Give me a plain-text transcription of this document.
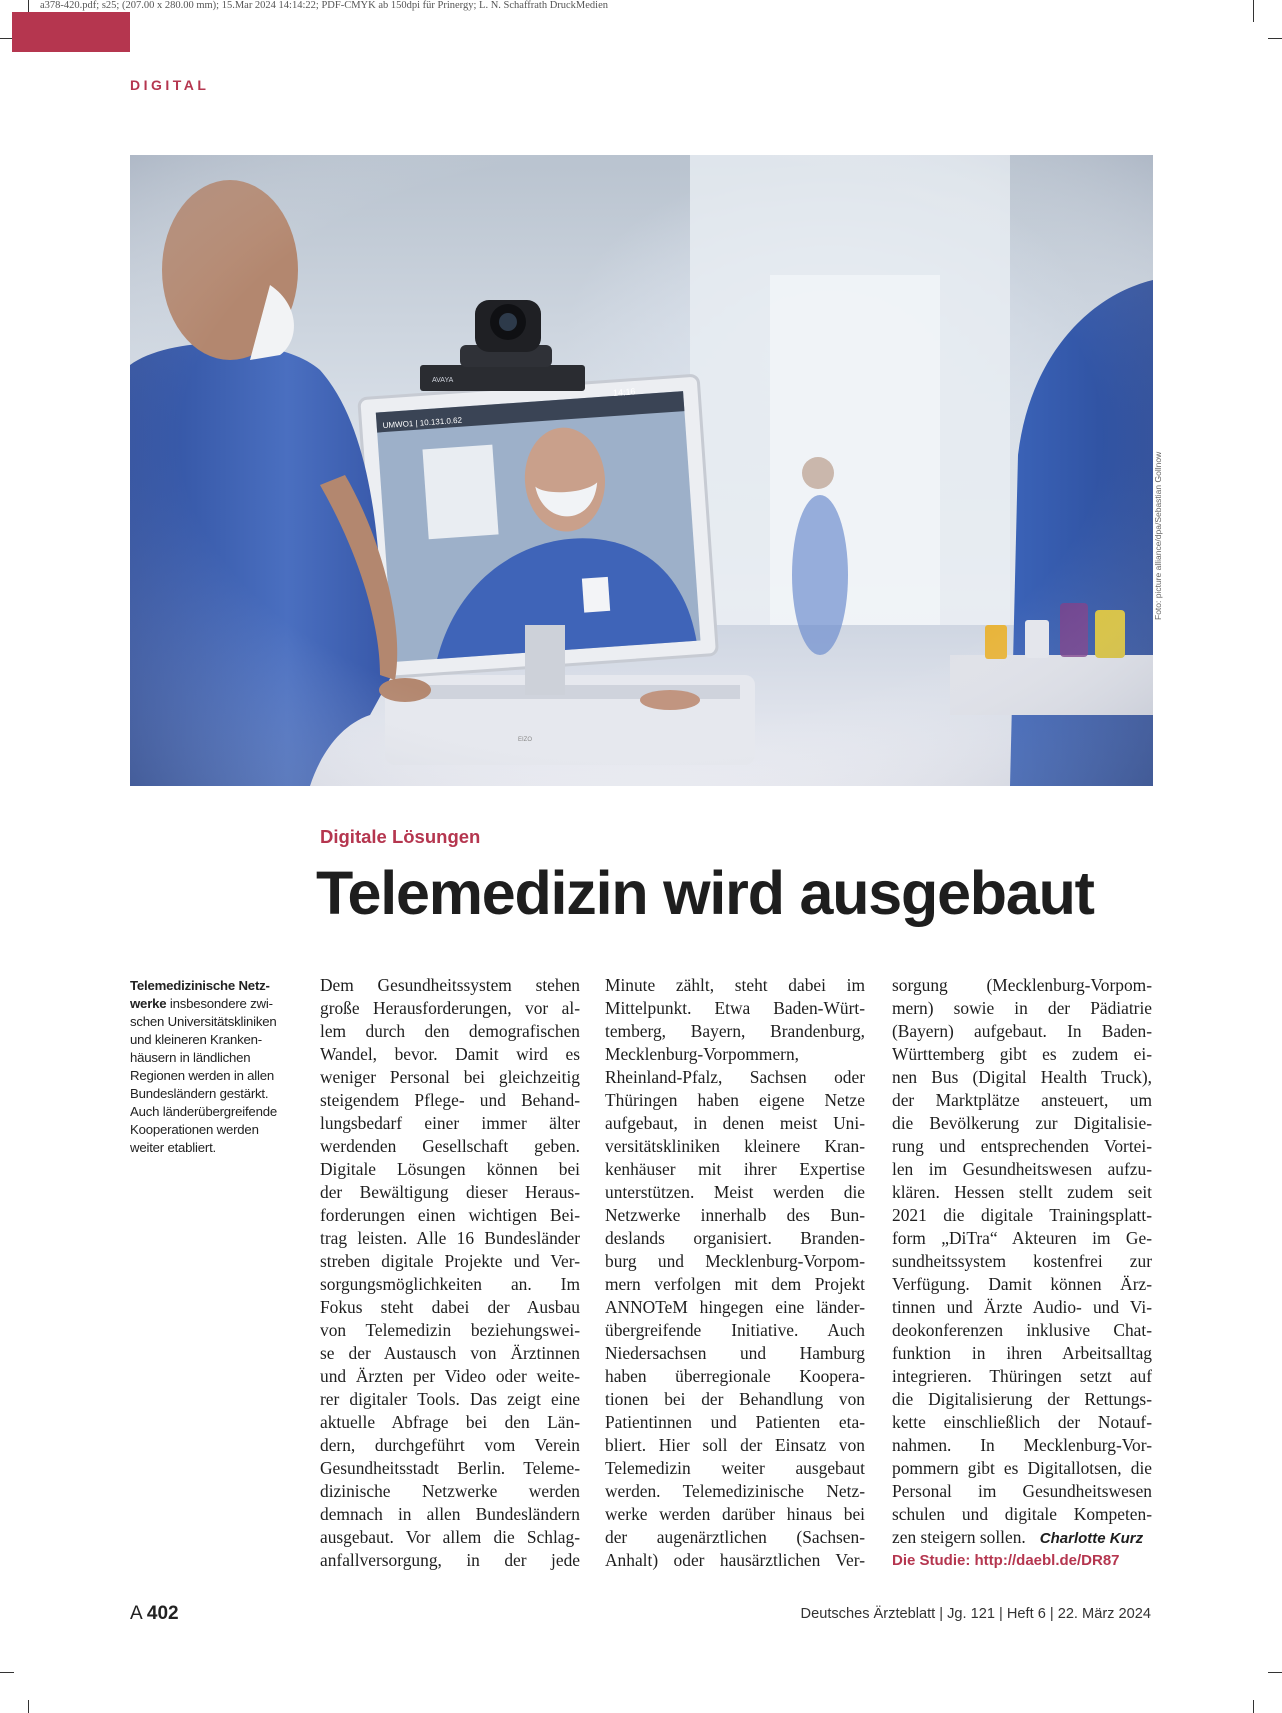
a378-420.pdf; s25; (207.00 x 280.00 mm); 15.Mar 2024 14:14:22; PDF-CMYK ab 150dpi für Prinergy; L. N. Schaffrath DruckMedien
DIGITAL
14:16
UMWO1 | 10.131.0.62
AVAYA
EIZO
Foto: picture alliance/dpa/Sebastian Gollnow
Digitale Lösungen
Telemedizin wird ausgebaut
Telemedizinische Netz-werke insbesondere zwi-schen Universitätskliniken und kleineren Kranken-häusern in ländlichen Regionen werden in allen Bundesländern gestärkt. Auch länderübergreifende Kooperationen werden weiter etabliert.
Dem Gesundheitssystem stehen
große Herausforderungen, vor al-
lem durch den demografischen
Wandel, bevor. Damit wird es
weniger Personal bei gleichzeitig
steigendem Pflege- und Behand-
lungsbedarf einer immer älter
werdenden Gesellschaft geben.
Digitale Lösungen können bei
der Bewältigung dieser Heraus-
forderungen einen wichtigen Bei-
trag leisten. Alle 16 Bundesländer
streben digitale Projekte und Ver-
sorgungsmöglichkeiten an. Im
Fokus steht dabei der Ausbau
von Telemedizin beziehungswei-
se der Austausch von Ärztinnen
und Ärzten per Video oder weite-
rer digitaler Tools. Das zeigt eine
aktuelle Abfrage bei den Län-
dern, durchgeführt vom Verein
Gesundheitsstadt Berlin. Teleme-
dizinische Netzwerke werden
demnach in allen Bundesländern
ausgebaut. Vor allem die Schlag-
anfallversorgung, in der jede
Minute zählt, steht dabei im
Mittelpunkt. Etwa Baden-Würt-
temberg, Bayern, Brandenburg,
Mecklenburg-Vorpommern,
Rheinland-Pfalz, Sachsen oder
Thüringen haben eigene Netze
aufgebaut, in denen meist Uni-
versitätskliniken kleinere Kran-
kenhäuser mit ihrer Expertise
unterstützen. Meist werden die
Netzwerke innerhalb des Bun-
deslands organisiert. Branden-
burg und Mecklenburg-Vorpom-
mern verfolgen mit dem Projekt
ANNOTeM hingegen eine länder-
übergreifende Initiative. Auch
Niedersachsen und Hamburg
haben überregionale Koopera-
tionen bei der Behandlung von
Patientinnen und Patienten eta-
bliert. Hier soll der Einsatz von
Telemedizin weiter ausgebaut
werden. Telemedizinische Netz-
werke werden darüber hinaus bei
der augenärztlichen (Sachsen-
Anhalt) oder hausärztlichen Ver-
sorgung (Mecklenburg-Vorpom-
mern) sowie in der Pädiatrie
(Bayern) aufgebaut. In Baden-
Württemberg gibt es zudem ei-
nen Bus (Digital Health Truck),
der Marktplätze ansteuert, um
die Bevölkerung zur Digitalisie-
rung und entsprechenden Vortei-
len im Gesundheitswesen aufzu-
klären. Hessen stellt zudem seit
2021 die digitale Trainingsplatt-
form „DiTra“ Akteuren im Ge-
sundheitssystem kostenfrei zur
Verfügung. Damit können Ärz-
tinnen und Ärzte Audio- und Vi-
deokonferenzen inklusive Chat-
funktion in ihren Arbeitsalltag
integrieren. Thüringen setzt auf
die Digitalisierung der Rettungs-
kette einschließlich der Notauf-
nahmen. In Mecklenburg-Vor-
pommern gibt es Digitallotsen, die
Personal im Gesundheitswesen
schulen und digitale Kompeten-
zen steigern sollen. Charlotte Kurz
Die Studie: http://daebl.de/DR87
A 402	Deutsches Ärzteblatt | Jg. 121 | Heft 6 | 22. März 2024
